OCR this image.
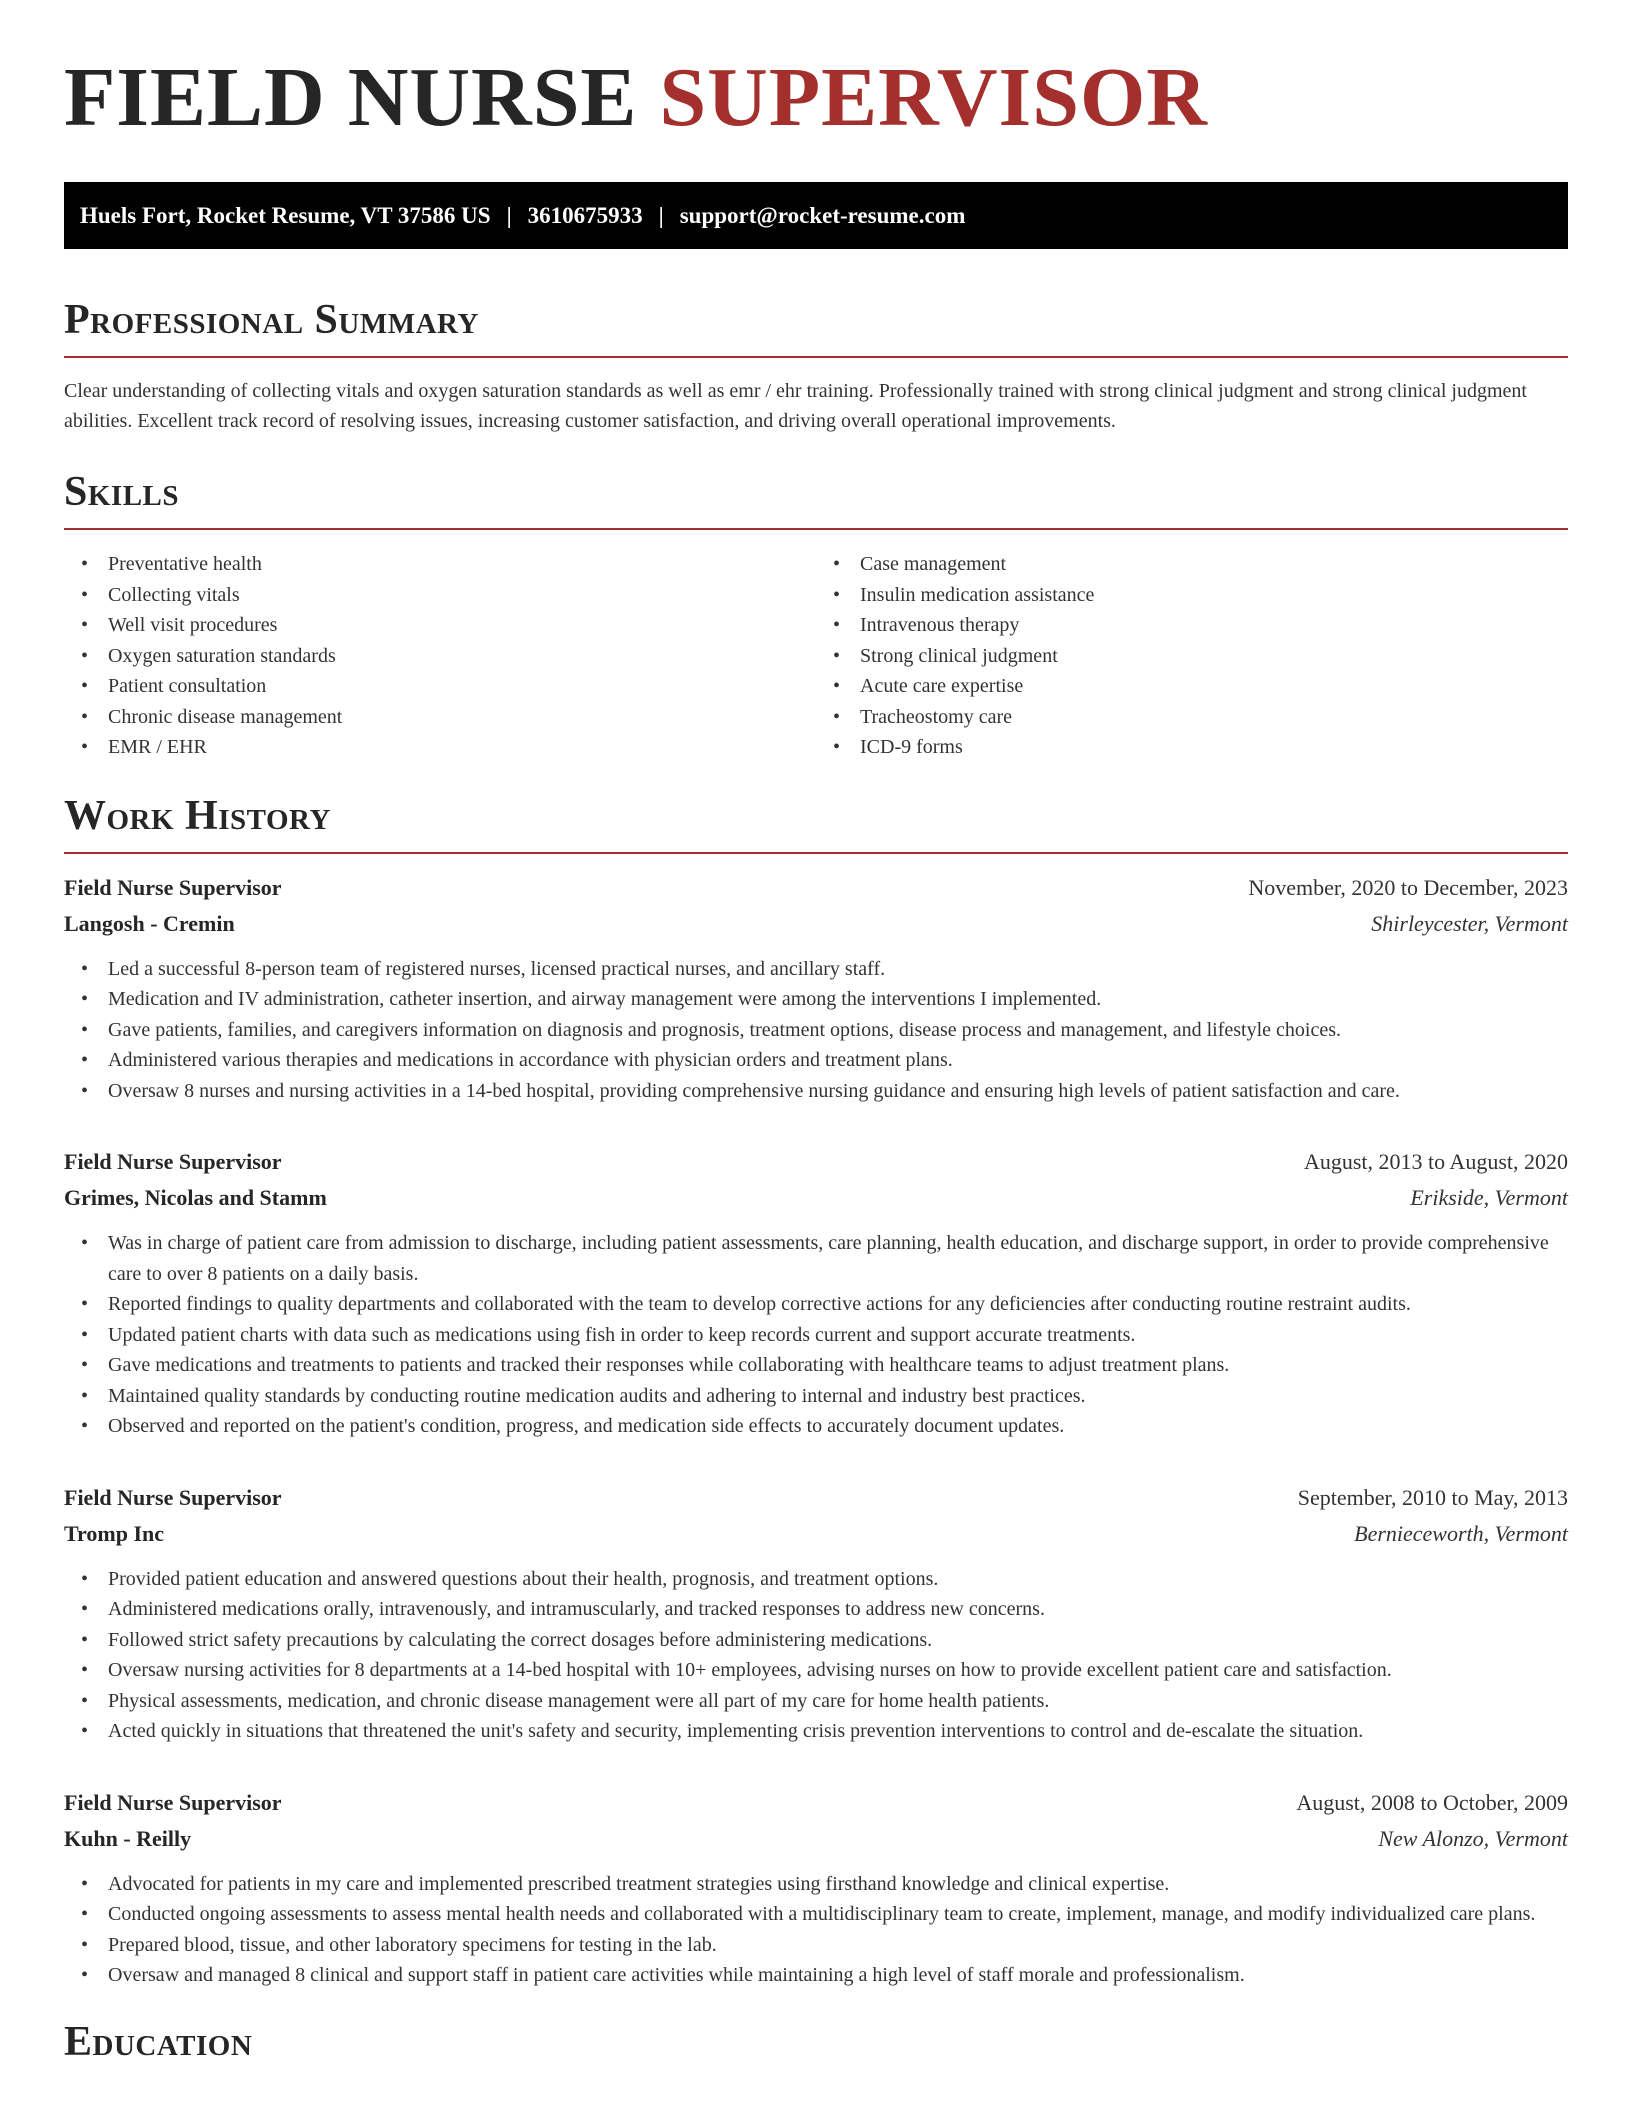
FIELD NURSE SUPERVISOR
Huels Fort, Rocket Resume, VT 37586 US | 3610675933 | support@rocket-resume.com
Professional Summary

Clear understanding of collecting vitals and oxygen saturation standards as well as emr / ehr training. Professionally trained with strong clinical judgment and strong clinical judgment abilities. Excellent track record of resolving issues, increasing customer satisfaction, and driving overall operational improvements.

Skills
• Preventative health
• Collecting vitals
• Well visit procedures
• Oxygen saturation standards
• Patient consultation
• Chronic disease management
• EMR / EHR
• Case management
• Insulin medication assistance
• Intravenous therapy
• Strong clinical judgment
• Acute care expertise
• Tracheostomy care
• ICD-9 forms
Work History
Field Nurse Supervisor	November, 2020 to December, 2023
Langosh - Cremin	Shirleycester, Vermont
• Led a successful 8-person team of registered nurses, licensed practical nurses, and ancillary staff.
• Medication and IV administration, catheter insertion, and airway management were among the interventions I implemented.
• Gave patients, families, and caregivers information on diagnosis and prognosis, treatment options, disease process and management, and lifestyle choices.
• Administered various therapies and medications in accordance with physician orders and treatment plans.
• Oversaw 8 nurses and nursing activities in a 14-bed hospital, providing comprehensive nursing guidance and ensuring high levels of patient satisfaction and care.
Field Nurse Supervisor	August, 2013 to August, 2020
Grimes, Nicolas and Stamm	Erikside, Vermont
• Was in charge of patient care from admission to discharge, including patient assessments, care planning, health education, and discharge support, in order to provide comprehensive care to over 8 patients on a daily basis.
• Reported findings to quality departments and collaborated with the team to develop corrective actions for any deficiencies after conducting routine restraint audits.
• Updated patient charts with data such as medications using fish in order to keep records current and support accurate treatments.
• Gave medications and treatments to patients and tracked their responses while collaborating with healthcare teams to adjust treatment plans.
• Maintained quality standards by conducting routine medication audits and adhering to internal and industry best practices.
• Observed and reported on the patient's condition, progress, and medication side effects to accurately document updates.
Field Nurse Supervisor	September, 2010 to May, 2013
Tromp Inc	Bernieceworth, Vermont
• Provided patient education and answered questions about their health, prognosis, and treatment options.
• Administered medications orally, intravenously, and intramuscularly, and tracked responses to address new concerns.
• Followed strict safety precautions by calculating the correct dosages before administering medications.
• Oversaw nursing activities for 8 departments at a 14-bed hospital with 10+ employees, advising nurses on how to provide excellent patient care and satisfaction.
• Physical assessments, medication, and chronic disease management were all part of my care for home health patients.
• Acted quickly in situations that threatened the unit's safety and security, implementing crisis prevention interventions to control and de-escalate the situation.
Field Nurse Supervisor	August, 2008 to October, 2009
Kuhn - Reilly	New Alonzo, Vermont
• Advocated for patients in my care and implemented prescribed treatment strategies using firsthand knowledge and clinical expertise.
• Conducted ongoing assessments to assess mental health needs and collaborated with a multidisciplinary team to create, implement, manage, and modify individualized care plans.
• Prepared blood, tissue, and other laboratory specimens for testing in the lab.
• Oversaw and managed 8 clinical and support staff in patient care activities while maintaining a high level of staff morale and professionalism.
Education
